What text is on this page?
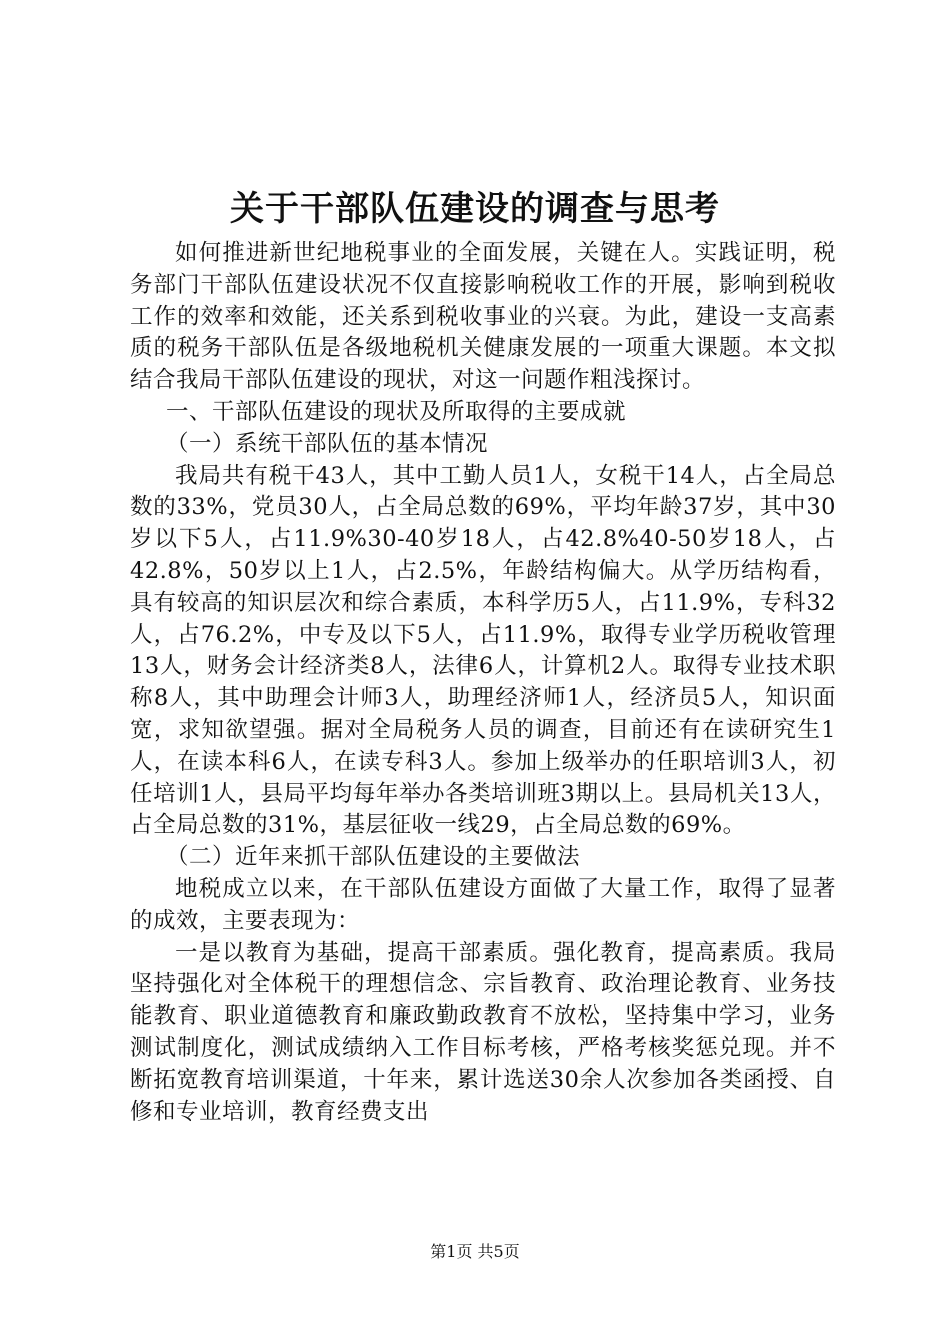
关于干部队伍建设的调查与思考

如何推进新世纪地税事业的全面发展，关键在人。实践证明，税务部门干部队伍建设状况不仅直接影响税收工作的开展，影响到税收工作的效率和效能，还关系到税收事业的兴衰。为此，建设一支高素质的税务干部队伍是各级地税机关健康发展的一项重大课题。本文拟结合我局干部队伍建设的现状，对这一问题作粗浅探讨。

一、干部队伍建设的现状及所取得的主要成就

（一）系统干部队伍的基本情况

我局共有税干43人，其中工勤人员1人，女税干14人，占全局总数的33%，党员30人，占全局总数的69%，平均年龄37岁，其中30岁以下5人，占11.9%30-40岁18人，占42.8%40-50岁18人，占42.8%，50岁以上1人，占2.5%，年龄结构偏大。从学历结构看，具有较高的知识层次和综合素质，本科学历5人，占11.9%，专科32人，占76.2%，中专及以下5人，占11.9%，取得专业学历税收管理13人，财务会计经济类8人，法律6人，计算机2人。取得专业技术职称8人，其中助理会计师3人，助理经济师1人，经济员5人，知识面宽，求知欲望强。据对全局税务人员的调查，目前还有在读研究生1人，在读本科6人，在读专科3人。参加上级举办的任职培训3人，初任培训1人，县局平均每年举办各类培训班3期以上。县局机关13人，占全局总数的31%，基层征收一线29，占全局总数的69%。

（二）近年来抓干部队伍建设的主要做法

地税成立以来，在干部队伍建设方面做了大量工作，取得了显著的成效，主要表现为：

一是以教育为基础，提高干部素质。强化教育，提高素质。我局坚持强化对全体税干的理想信念、宗旨教育、政治理论教育、业务技能教育、职业道德教育和廉政勤政教育不放松，坚持集中学习，业务测试制度化，测试成绩纳入工作目标考核，严格考核奖惩兑现。并不断拓宽教育培训渠道，十年来，累计选送30余人次参加各类函授、自修和专业培训，教育经费支出

第1页 共5页
